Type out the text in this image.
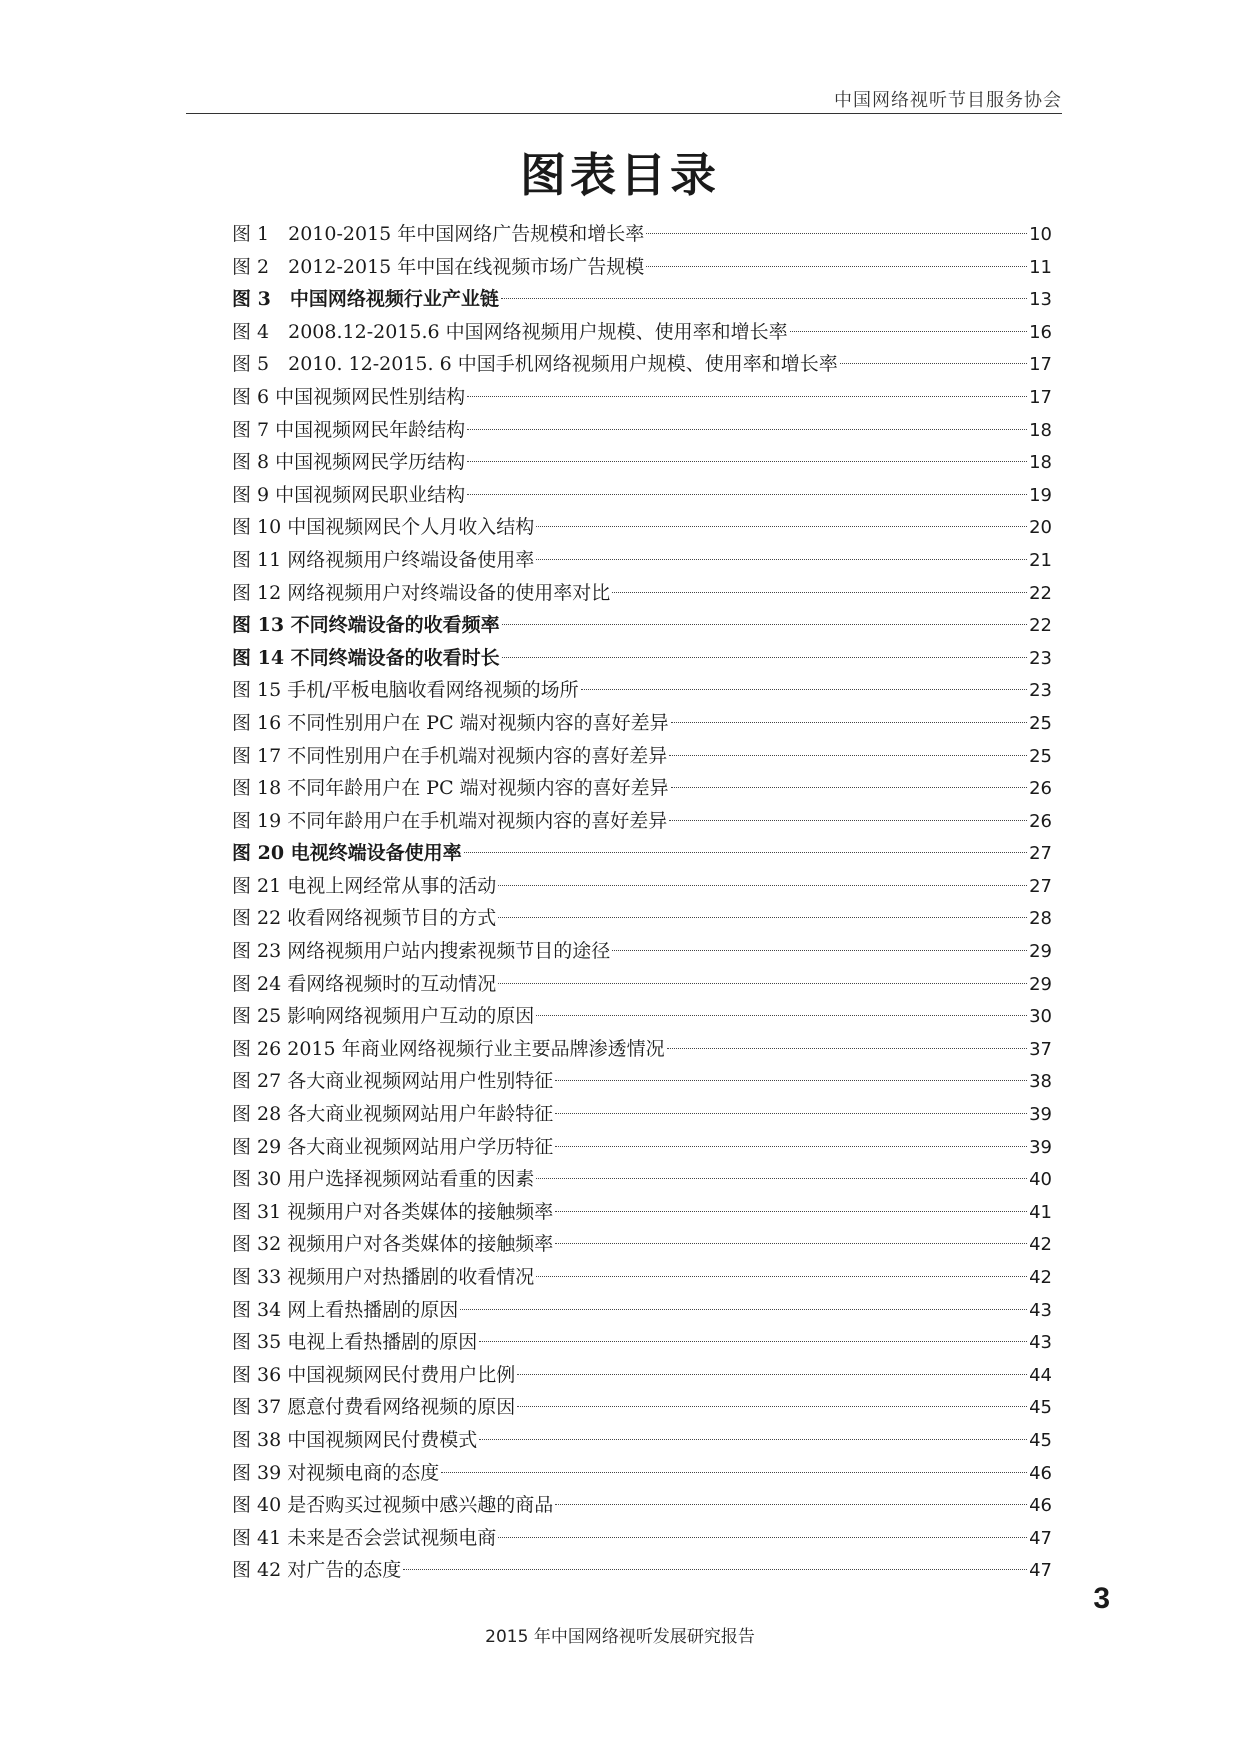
中国网络视听节目服务协会
图表目录
图 1　2010-2015 年中国网络广告规模和增长率	10
图 2　2012-2015 年中国在线视频市场广告规模	11
图 3　中国网络视频行业产业链	13
图 4　2008.12-2015.6 中国网络视频用户规模、使用率和增长率	16
图 5　2010. 12-2015. 6 中国手机网络视频用户规模、使用率和增长率	17
图 6 中国视频网民性别结构	17
图 7 中国视频网民年龄结构	18
图 8 中国视频网民学历结构	18
图 9 中国视频网民职业结构	19
图 10 中国视频网民个人月收入结构	20
图 11 网络视频用户终端设备使用率	21
图 12 网络视频用户对终端设备的使用率对比	22
图 13 不同终端设备的收看频率	22
图 14 不同终端设备的收看时长	23
图 15 手机/平板电脑收看网络视频的场所	23
图 16 不同性别用户在 PC 端对视频内容的喜好差异	25
图 17 不同性别用户在手机端对视频内容的喜好差异	25
图 18 不同年龄用户在 PC 端对视频内容的喜好差异	26
图 19 不同年龄用户在手机端对视频内容的喜好差异	26
图 20 电视终端设备使用率	27
图 21 电视上网经常从事的活动	27
图 22 收看网络视频节目的方式	28
图 23 网络视频用户站内搜索视频节目的途径	29
图 24 看网络视频时的互动情况	29
图 25 影响网络视频用户互动的原因	30
图 26 2015 年商业网络视频行业主要品牌渗透情况	37
图 27 各大商业视频网站用户性别特征	38
图 28 各大商业视频网站用户年龄特征	39
图 29 各大商业视频网站用户学历特征	39
图 30 用户选择视频网站看重的因素	40
图 31 视频用户对各类媒体的接触频率	41
图 32 视频用户对各类媒体的接触频率	42
图 33 视频用户对热播剧的收看情况	42
图 34 网上看热播剧的原因	43
图 35 电视上看热播剧的原因	43
图 36 中国视频网民付费用户比例	44
图 37 愿意付费看网络视频的原因	45
图 38 中国视频网民付费模式	45
图 39 对视频电商的态度	46
图 40 是否购买过视频中感兴趣的商品	46
图 41 未来是否会尝试视频电商	47
图 42 对广告的态度	47
3
2015 年中国网络视听发展研究报告
